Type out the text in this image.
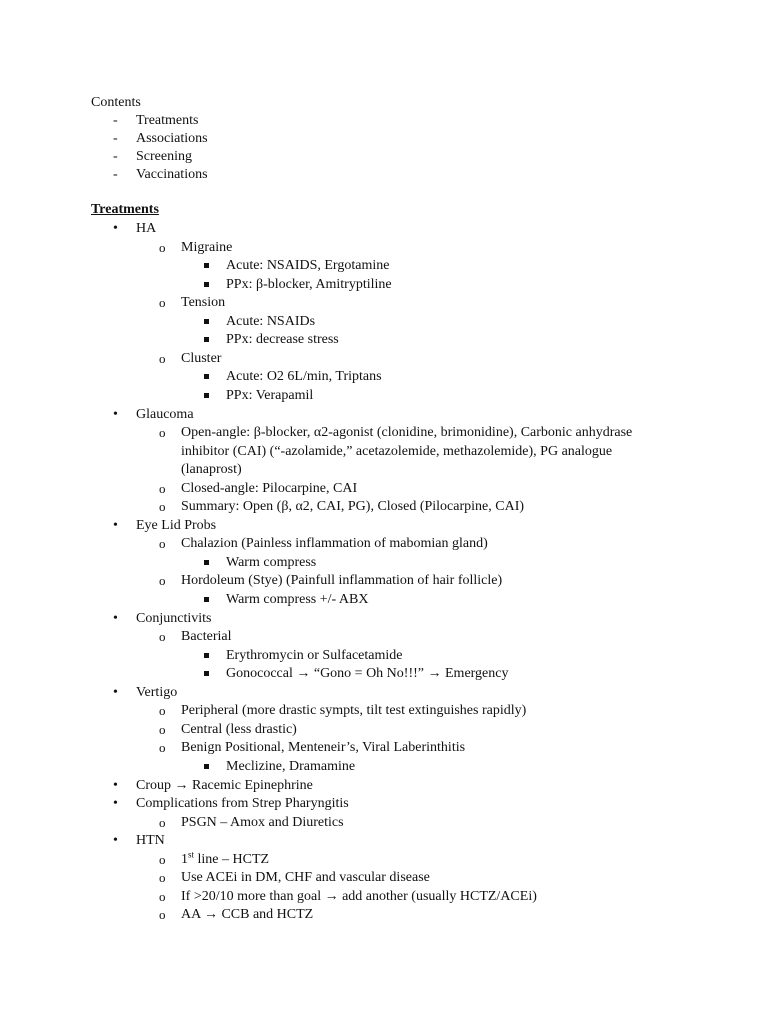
Contents
- Treatments
- Associations
- Screening
- Vaccinations
Treatments
• HA
o Migraine
Acute: NSAIDS, Ergotamine
PPx: β-blocker, Amitryptiline
o Tension
Acute: NSAIDs
PPx: decrease stress
o Cluster
Acute: O2 6L/min, Triptans
PPx: Verapamil
• Glaucoma
o Open-angle: β-blocker, α2-agonist (clonidine, brimonidine), Carbonic anhydrase
inhibitor (CAI) (“-azolamide,” acetazolemide, methazolemide), PG analogue
(lanaprost)
o Closed-angle: Pilocarpine, CAI
o Summary: Open (β, α2, CAI, PG), Closed (Pilocarpine, CAI)
• Eye Lid Probs
o Chalazion (Painless inflammation of mabomian gland)
Warm compress
o Hordoleum (Stye) (Painfull inflammation of hair follicle)
Warm compress +/- ABX
• Conjunctivits
o Bacterial
Erythromycin or Sulfacetamide
Gonococcal → “Gono = Oh No!!!” → Emergency
• Vertigo
o Peripheral (more drastic sympts, tilt test extinguishes rapidly)
o Central (less drastic)
o Benign Positional, Menteneir’s, Viral Laberinthitis
Meclizine, Dramamine
• Croup → Racemic Epinephrine
• Complications from Strep Pharyngitis
o PSGN – Amox and Diuretics
• HTN
o 1st line – HCTZ
o Use ACEi in DM, CHF and vascular disease
o If >20/10 more than goal → add another (usually HCTZ/ACEi)
o AA → CCB and HCTZ
